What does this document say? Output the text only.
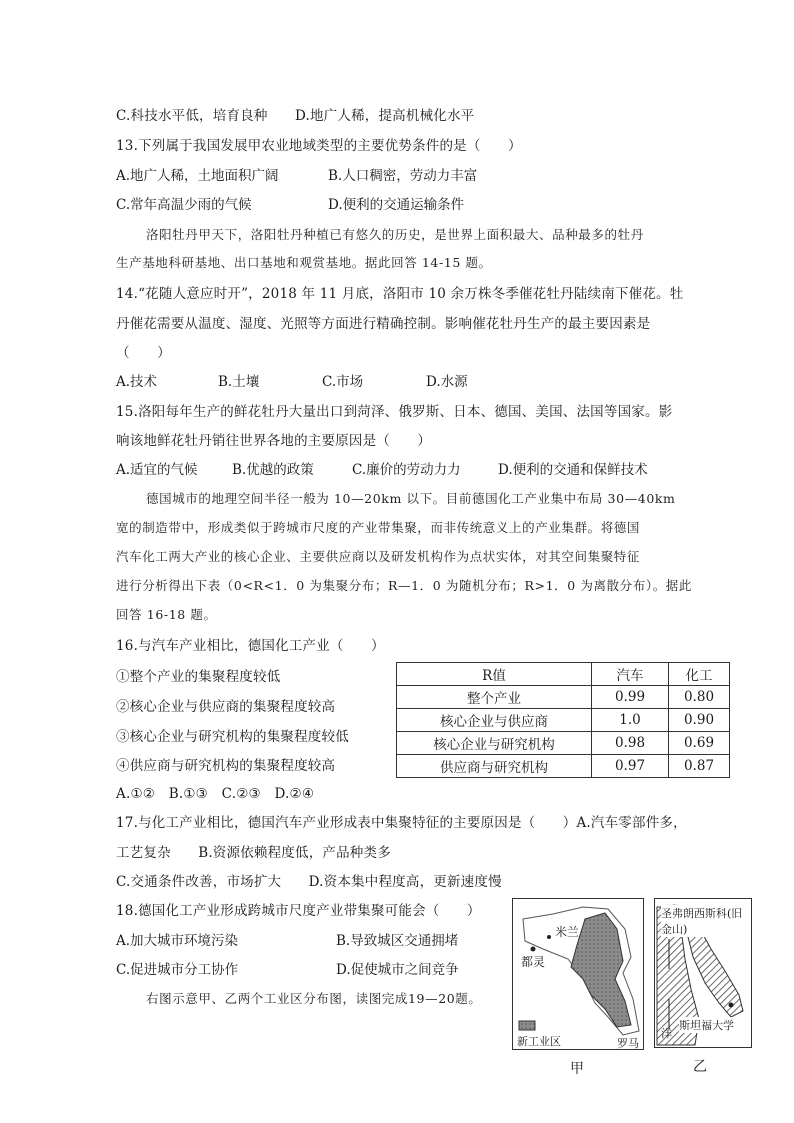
C.科技水平低，培育良种　　D.地广人稀，提高机械化水平
13.下列属于我国发展甲农业地域类型的主要优势条件的是（　　）
A.地广人稀，土地面积广阔	B.人口稠密，劳动力丰富
C.常年高温少雨的气候	D.便利的交通运输条件
洛阳牡丹甲天下，洛阳牡丹种植已有悠久的历史，是世界上面积最大、品种最多的牡丹
生产基地科研基地、出口基地和观赏基地。据此回答 14-15 题。
14.“花随人意应时开”，2018 年 11 月底，洛阳市 10 余万株冬季催花牡丹陆续南下催花。牡
丹催花需要从温度、湿度、光照等方面进行精确控制。影响催花牡丹生产的最主要因素是
（　　）
A.技术	B.土壤	C.市场	D.水源
15.洛阳每年生产的鲜花牡丹大量出口到菏泽、俄罗斯、日本、德国、美国、法国等国家。影
响该地鲜花牡丹销往世界各地的主要原因是（　　）
A.适宜的气候	B.优越的政策	C.廉价的劳动力力	D.便利的交通和保鲜技术
德国城市的地理空间半径一般为 10—20km 以下。目前德国化工产业集中布局 30—40km
宽的制造带中，形成类似于跨城市尺度的产业带集聚，而非传统意义上的产业集群。将德国
汽车化工两大产业的核心企业、主要供应商以及研发机构作为点状实体，对其空间集聚特征
进行分析得出下表（0<R<1．0 为集聚分布；R—1．0 为随机分布；R>1．0 为离散分布）。据此
回答 16-18 题。
16.与汽车产业相比，德国化工产业（　　）
①整个产业的集聚程度较低
②核心企业与供应商的集聚程度较高
③核心企业与研究机构的集聚程度较低
④供应商与研究机构的集聚程度较高
A.①②　B.①③　C.②③　D.②④
R值	汽车	化工
整个产业	0.99	0.80
核心企业与供应商	1.0	0.90
核心企业与研究机构	0.98	0.69
供应商与研究机构	0.97	0.87
17.与化工产业相比，德国汽车产业形成表中集聚特征的主要原因是（　　）A.汽车零部件多，
工艺复杂　　B.资源依赖程度低，产品种类多
C.交通条件改善，市场扩大　　D.资本集中程度高，更新速度慢
18.德国化工产业形成跨城市尺度产业带集聚可能会（　　）
A.加大城市环境污染	B.导致城区交通拥堵
C.促进城市分工协作	D.促使城市之间竞争
右图示意甲、乙两个工业区分布图，读图完成19—20题。
米兰
都灵
罗马
新工业区
甲
圣弗朗西斯科(旧金山)
斯坦福大学
洋
乙
